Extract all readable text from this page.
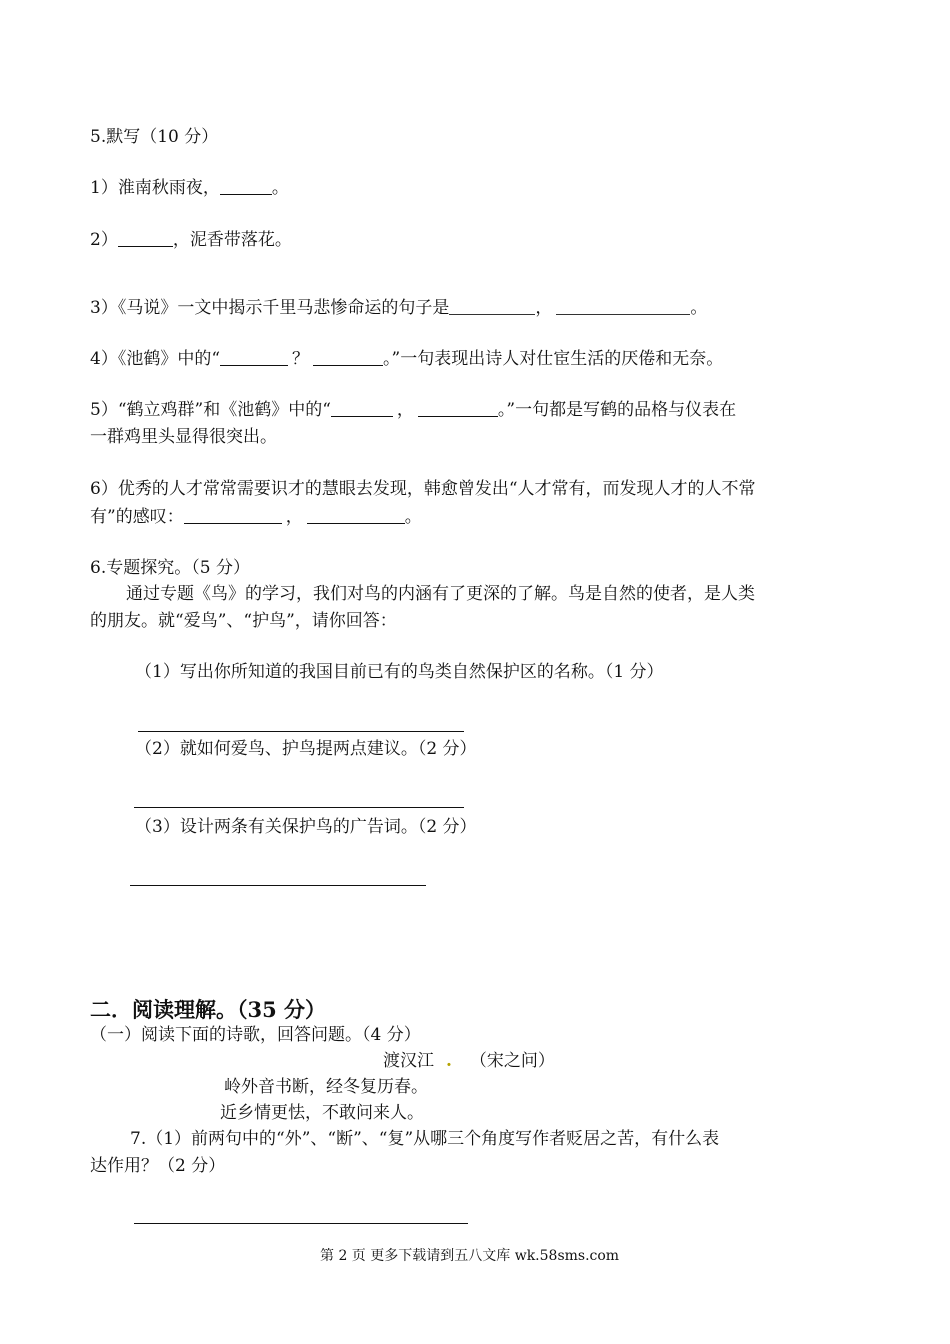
5.默写（10 分）
1）淮南秋雨夜，	。
2）	，泥香带落花。
3）《马说》一文中揭示千里马悲惨命运的句子是	，	。
4）《池鹤》中的“	？	。”一句表现出诗人对仕宦生活的厌倦和无奈。
5）“鹤立鸡群”和《池鹤》中的“	，	。”一句都是写鹤的品格与仪表在
一群鸡里头显得很突出。
6）优秀的人才常常需要识才的慧眼去发现，韩愈曾发出“人才常有，而发现人才的人不常
有”的感叹：	，	。
6.专题探究。（5 分）
通过专题《鸟》的学习，我们对鸟的内涵有了更深的了解。鸟是自然的使者，是人类
的朋友。就“爱鸟”、“护鸟”，请你回答：
（1）写出你所知道的我国目前已有的鸟类自然保护区的名称。（1 分）
（2）就如何爱鸟、护鸟提两点建议。（2 分）
（3）设计两条有关保护鸟的广告词。（2 分）
二．阅读理解。（35 分）
（一）阅读下面的诗歌，回答问题。（4 分）
渡汉江 . （宋之问）
岭外音书断，经冬复历春。
近乡情更怯，不敢问来人。
7.（1）前两句中的“外”、“断”、“复”从哪三个角度写作者贬居之苦，有什么表
达作用？（2 分）
第 2 页 更多下载请到五八文库 wk.58sms.com
